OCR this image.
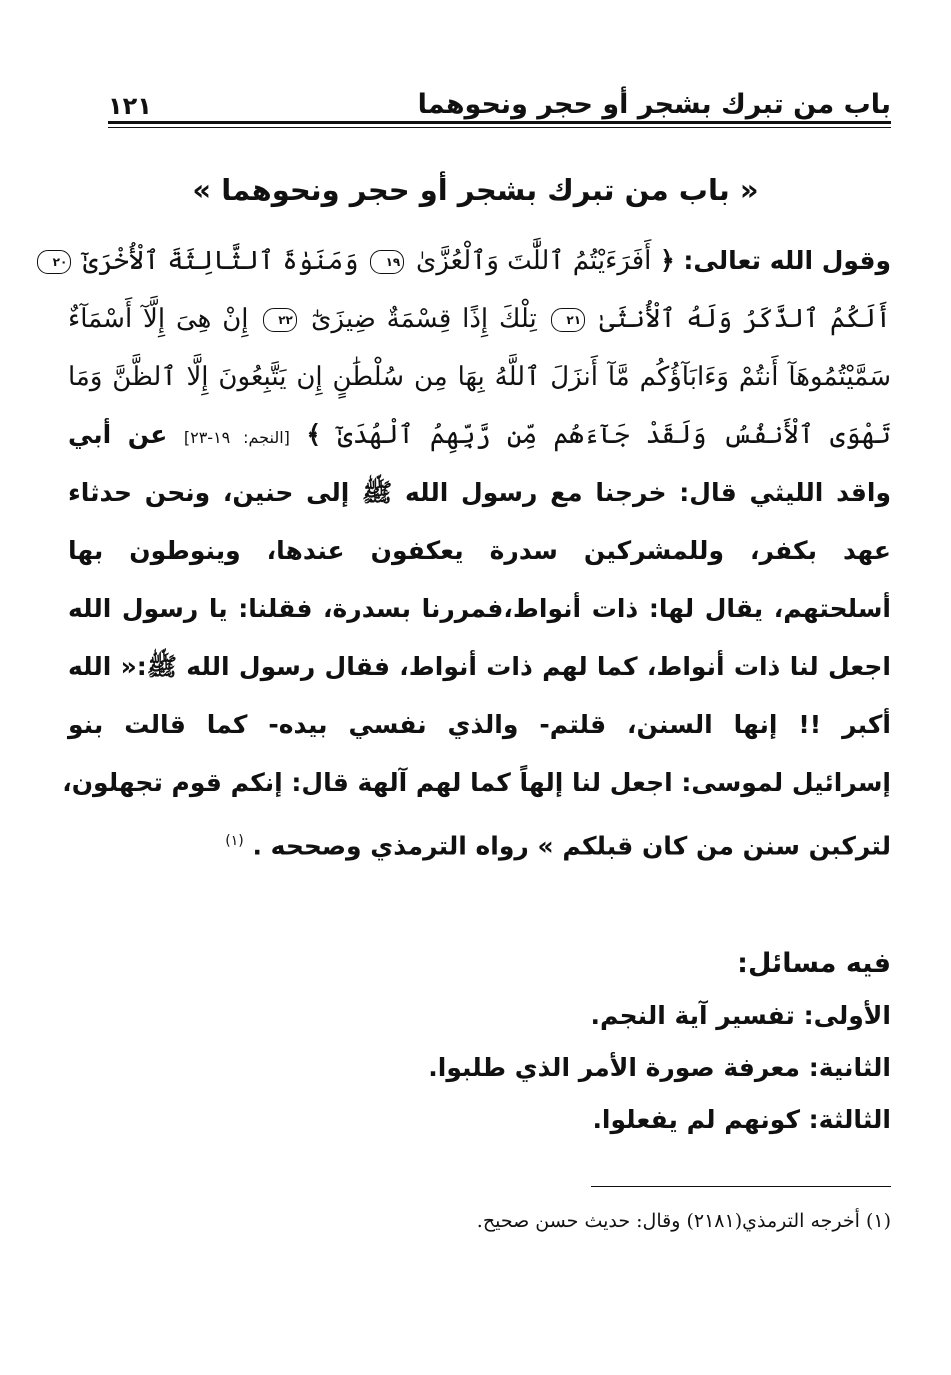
باب من تبرك بشجر أو حجر ونحوهما
١٢١
« باب من تبرك بشجر أو حجر ونحوهما »
وقول الله تعالى: ﴿ أَفَرَءَيْتُمُ ٱللَّٰتَ وَٱلْعُزَّىٰ ١٩ وَمَنَوٰةَ ٱلثَّالِثَةَ ٱلْأُخْرَىٰٓ ٢٠
أَلَكُمُ ٱلذَّكَرُ وَلَهُ ٱلْأُنثَىٰ ٢١ تِلْكَ إِذًا قِسْمَةٌ ضِيزَىٰٓ ٢٢ إِنْ هِىَ إِلَّآ أَسْمَآءٌ
سَمَّيْتُمُوهَآ أَنتُمْ وَءَابَآؤُكُم مَّآ أَنزَلَ ٱللَّهُ بِهَا مِن سُلْطَٰنٍ إِن يَتَّبِعُونَ إِلَّا ٱلظَّنَّ وَمَا
تَهْوَى ٱلْأَنفُسُ وَلَقَدْ جَآءَهُم مِّن رَّبِّهِمُ ٱلْهُدَىٰٓ ﴾ [النجم: ١٩-٢٣] عن أبي
واقد الليثي قال: خرجنا مع رسول الله ﷺ إلى حنين، ونحن حدثاء
عهد بكفر، وللمشركين سدرة يعكفون عندها، وينوطون بها
أسلحتهم، يقال لها: ذات أنواط،فمررنا بسدرة، فقلنا: يا رسول الله
اجعل لنا ذات أنواط، كما لهم ذات أنواط، فقال رسول الله ﷺ:« الله
أكبر !! إنها السنن، قلتم- والذي نفسي بيده- كما قالت بنو
إسرائيل لموسى: اجعل لنا إلهاً كما لهم آلهة قال: إنكم قوم تجهلون،
لتركبن سنن من كان قبلكم » رواه الترمذي وصححه . $^{(١)}$
فيه مسائل:
الأولى: تفسير آية النجم.
الثانية: معرفة صورة الأمر الذي طلبوا.
الثالثة: كونهم لم يفعلوا.
(١) أخرجه الترمذي(٢١٨١) وقال: حديث حسن صحيح.
